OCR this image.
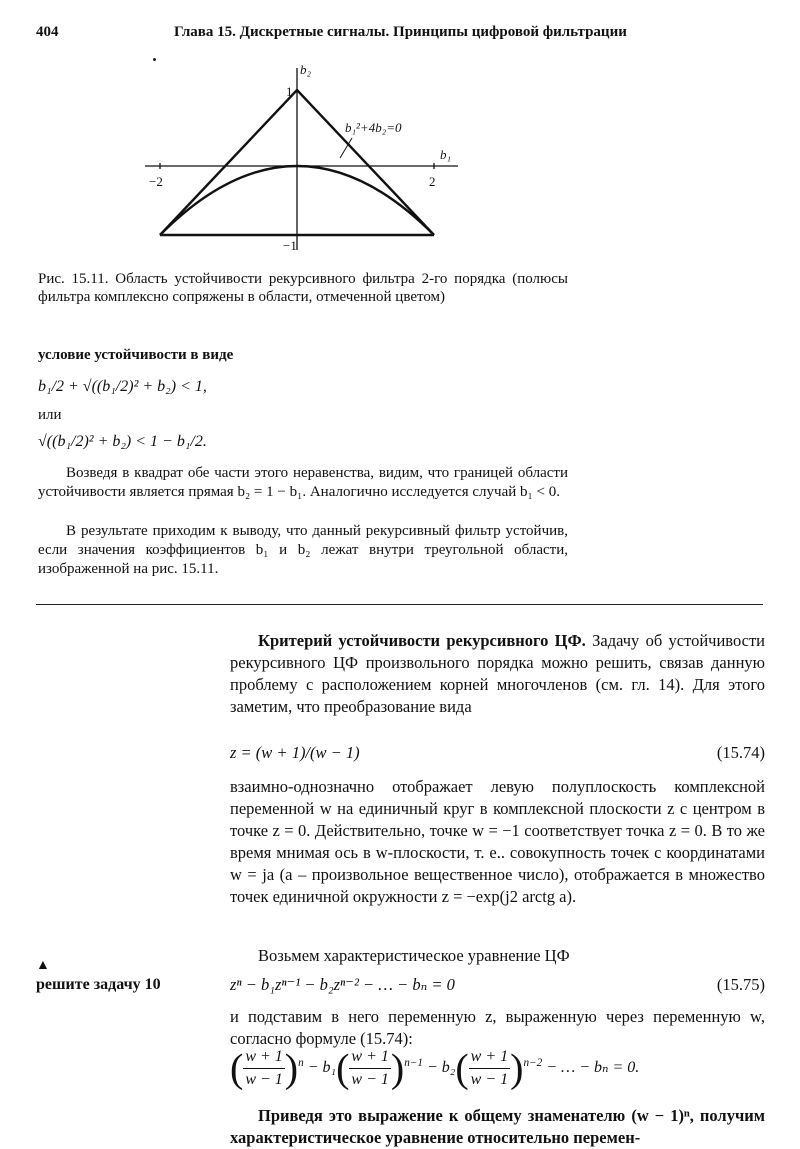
404	Глава 15. Дискретные сигналы. Принципы цифровой фильтрации
b₂
b₁
1
−1
−2	2
b₁²+4b₂=0
Рис. 15.11. Область устойчивости рекурсивного фильтра 2-го порядка (полюсы фильтра комплексно сопряжены в области, отмеченной цветом)
условие устойчивости в виде
b₁/2 + √((b₁/2)² + b₂) < 1,
или
√((b₁/2)² + b₂) < 1 − b₁/2.
Возведя в квадрат обе части этого неравенства, видим, что границей области устойчивости является прямая b₂ = 1 − b₁. Аналогично исследуется случай b₁ < 0.
В результате приходим к выводу, что данный рекурсивный фильтр устойчив, если значения коэффициентов b₁ и b₂ лежат внутри треугольной области, изображенной на рис. 15.11.
Критерий устойчивости рекурсивного ЦФ. Задачу об устойчивости рекурсивного ЦФ произвольного порядка можно решить, связав данную проблему с расположением корней многочленов (см. гл. 14). Для этого заметим, что преобразование вида
z = (w + 1)/(w − 1)	(15.74)
взаимно-однозначно отображает левую полуплоскость комплексной переменной w на единичный круг в комплексной плоскости z с центром в точке z = 0. Действительно, точке w = −1 соответствует точка z = 0. В то же время мнимая ось в w-плоскости, т. е.. совокупность точек с координатами w = ja (a – произвольное вещественное число), отображается в множество точек единичной окружности z = −exp(j2 arctg a).
Возьмем характеристическое уравнение ЦФ
zⁿ − b₁zⁿ⁻¹ − b₂zⁿ⁻² − … − bₙ = 0	(15.75)
и подставим в него переменную z, выраженную через переменную w, согласно формуле (15.74):
( $\frac{w + 1}{w - 1} )^n - b_1( \frac{w + 1}{w - 1} )^{n-1} - b_2( \frac{w + 1}{w - 1} )^{n-2}$ − … − bₙ = 0.
Приведя это выражение к общему знаменателю (w − 1)ⁿ, получим характеристическое уравнение относительно перемен-
▲
решите задачу 10
